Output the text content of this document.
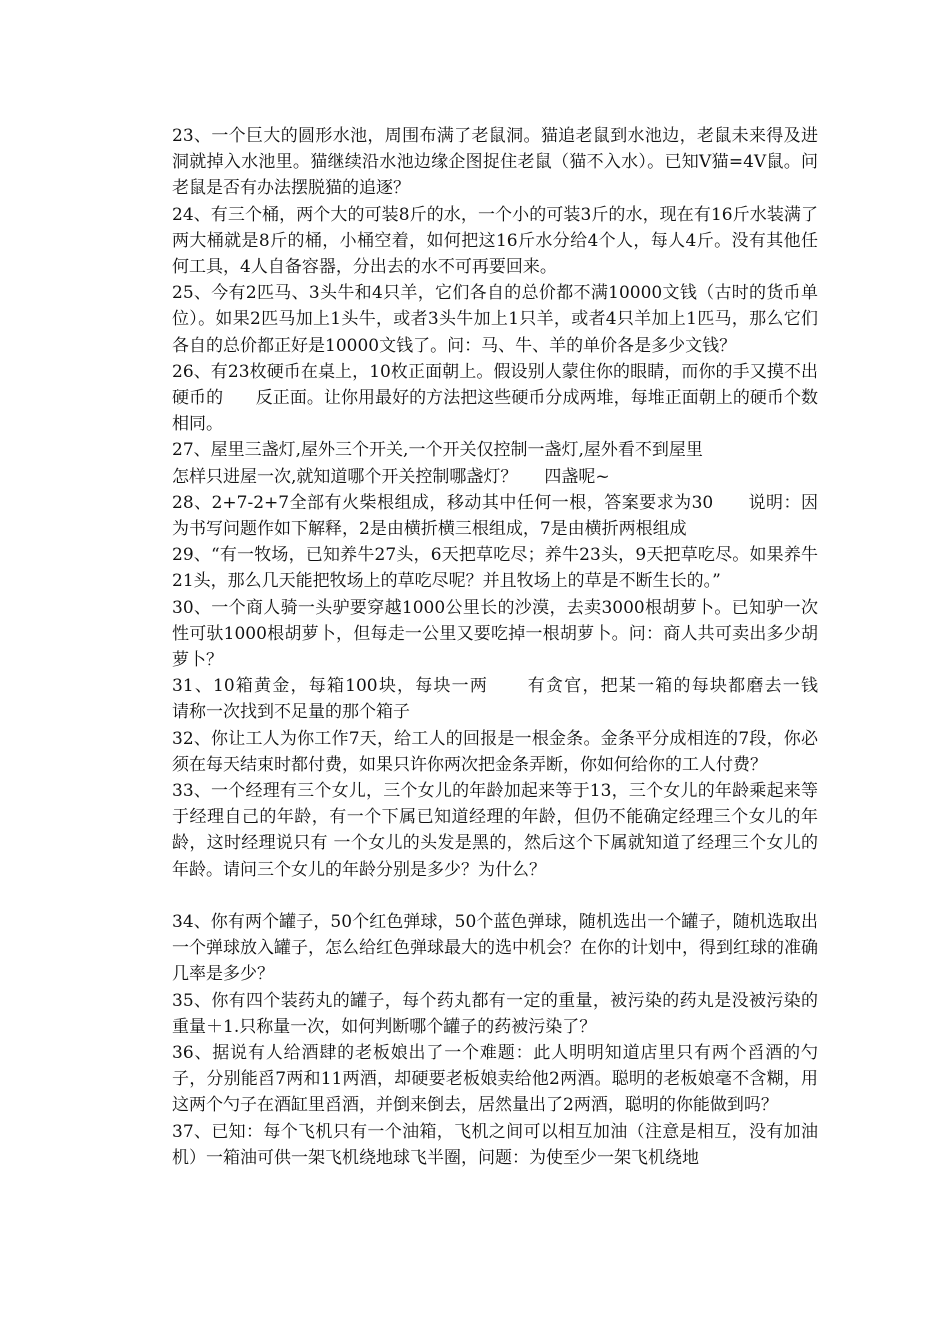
23、一个巨大的圆形水池，周围布满了老鼠洞。猫追老鼠到水池边，老鼠未来得及进洞就掉入水池里。猫继续沿水池边缘企图捉住老鼠（猫不入水）。已知V猫=4V鼠。问老鼠是否有办法摆脱猫的追逐？

24、有三个桶，两个大的可装8斤的水，一个小的可装3斤的水，现在有16斤水装满了两大桶就是8斤的桶，小桶空着，如何把这16斤水分给4个人，每人4斤。没有其他任何工具，4人自备容器，分出去的水不可再要回来。

25、今有2匹马、3头牛和4只羊，它们各自的总价都不满10000文钱（古时的货币单位）。如果2匹马加上1头牛，或者3头牛加上1只羊，或者4只羊加上1匹马，那么它们各自的总价都正好是10000文钱了。问：马、牛、羊的单价各是多少文钱？

26、有23枚硬币在桌上，10枚正面朝上。假设别人蒙住你的眼睛，而你的手又摸不出硬币的      反正面。让你用最好的方法把这些硬币分成两堆，每堆正面朝上的硬币个数相同。

27、屋里三盏灯,屋外三个开关,一个开关仅控制一盏灯,屋外看不到屋里
怎样只进屋一次,就知道哪个开关控制哪盏灯？     四盏呢~

28、2+7-2+7全部有火柴根组成，移动其中任何一根，答案要求为30      说明：因为书写问题作如下解释，2是由横折横三根组成，7是由横折两根组成

29、“有一牧场，已知养牛27头，6天把草吃尽；养牛23头，9天把草吃尽。如果养牛21头，那么几天能把牧场上的草吃尽呢？并且牧场上的草是不断生长的。”

30、一个商人骑一头驴要穿越1000公里长的沙漠，去卖3000根胡萝卜。已知驴一次性可驮1000根胡萝卜，但每走一公里又要吃掉一根胡萝卜。问：商人共可卖出多少胡萝卜？

31、10箱黄金，每箱100块，每块一两      有贪官，把某一箱的每块都磨去一钱      请称一次找到不足量的那个箱子

32、你让工人为你工作7天，给工人的回报是一根金条。金条平分成相连的7段，你必须在每天结束时都付费，如果只许你两次把金条弄断，你如何给你的工人付费？

33、一个经理有三个女儿，三个女儿的年龄加起来等于13，三个女儿的年龄乘起来等于经理自己的年龄，有一个下属已知道经理的年龄，但仍不能确定经理三个女儿的年龄，这时经理说只有 一个女儿的头发是黑的，然后这个下属就知道了经理三个女儿的年龄。请问三个女儿的年龄分别是多少？为什么？

34、你有两个罐子，50个红色弹球，50个蓝色弹球，随机选出一个罐子，随机选取出一个弹球放入罐子，怎么给红色弹球最大的选中机会？在你的计划中，得到红球的准确几率是多少？

35、你有四个装药丸的罐子，每个药丸都有一定的重量，被污染的药丸是没被污染的重量＋1.只称量一次，如何判断哪个罐子的药被污染了？

36、据说有人给酒肆的老板娘出了一个难题：此人明明知道店里只有两个舀酒的勺子，分别能舀7两和11两酒，却硬要老板娘卖给他2两酒。聪明的老板娘毫不含糊，用这两个勺子在酒缸里舀酒，并倒来倒去，居然量出了2两酒，聪明的你能做到吗？

37、已知：每个飞机只有一个油箱，飞机之间可以相互加油（注意是相互，没有加油机）一箱油可供一架飞机绕地球飞半圈，问题：为使至少一架飞机绕地
